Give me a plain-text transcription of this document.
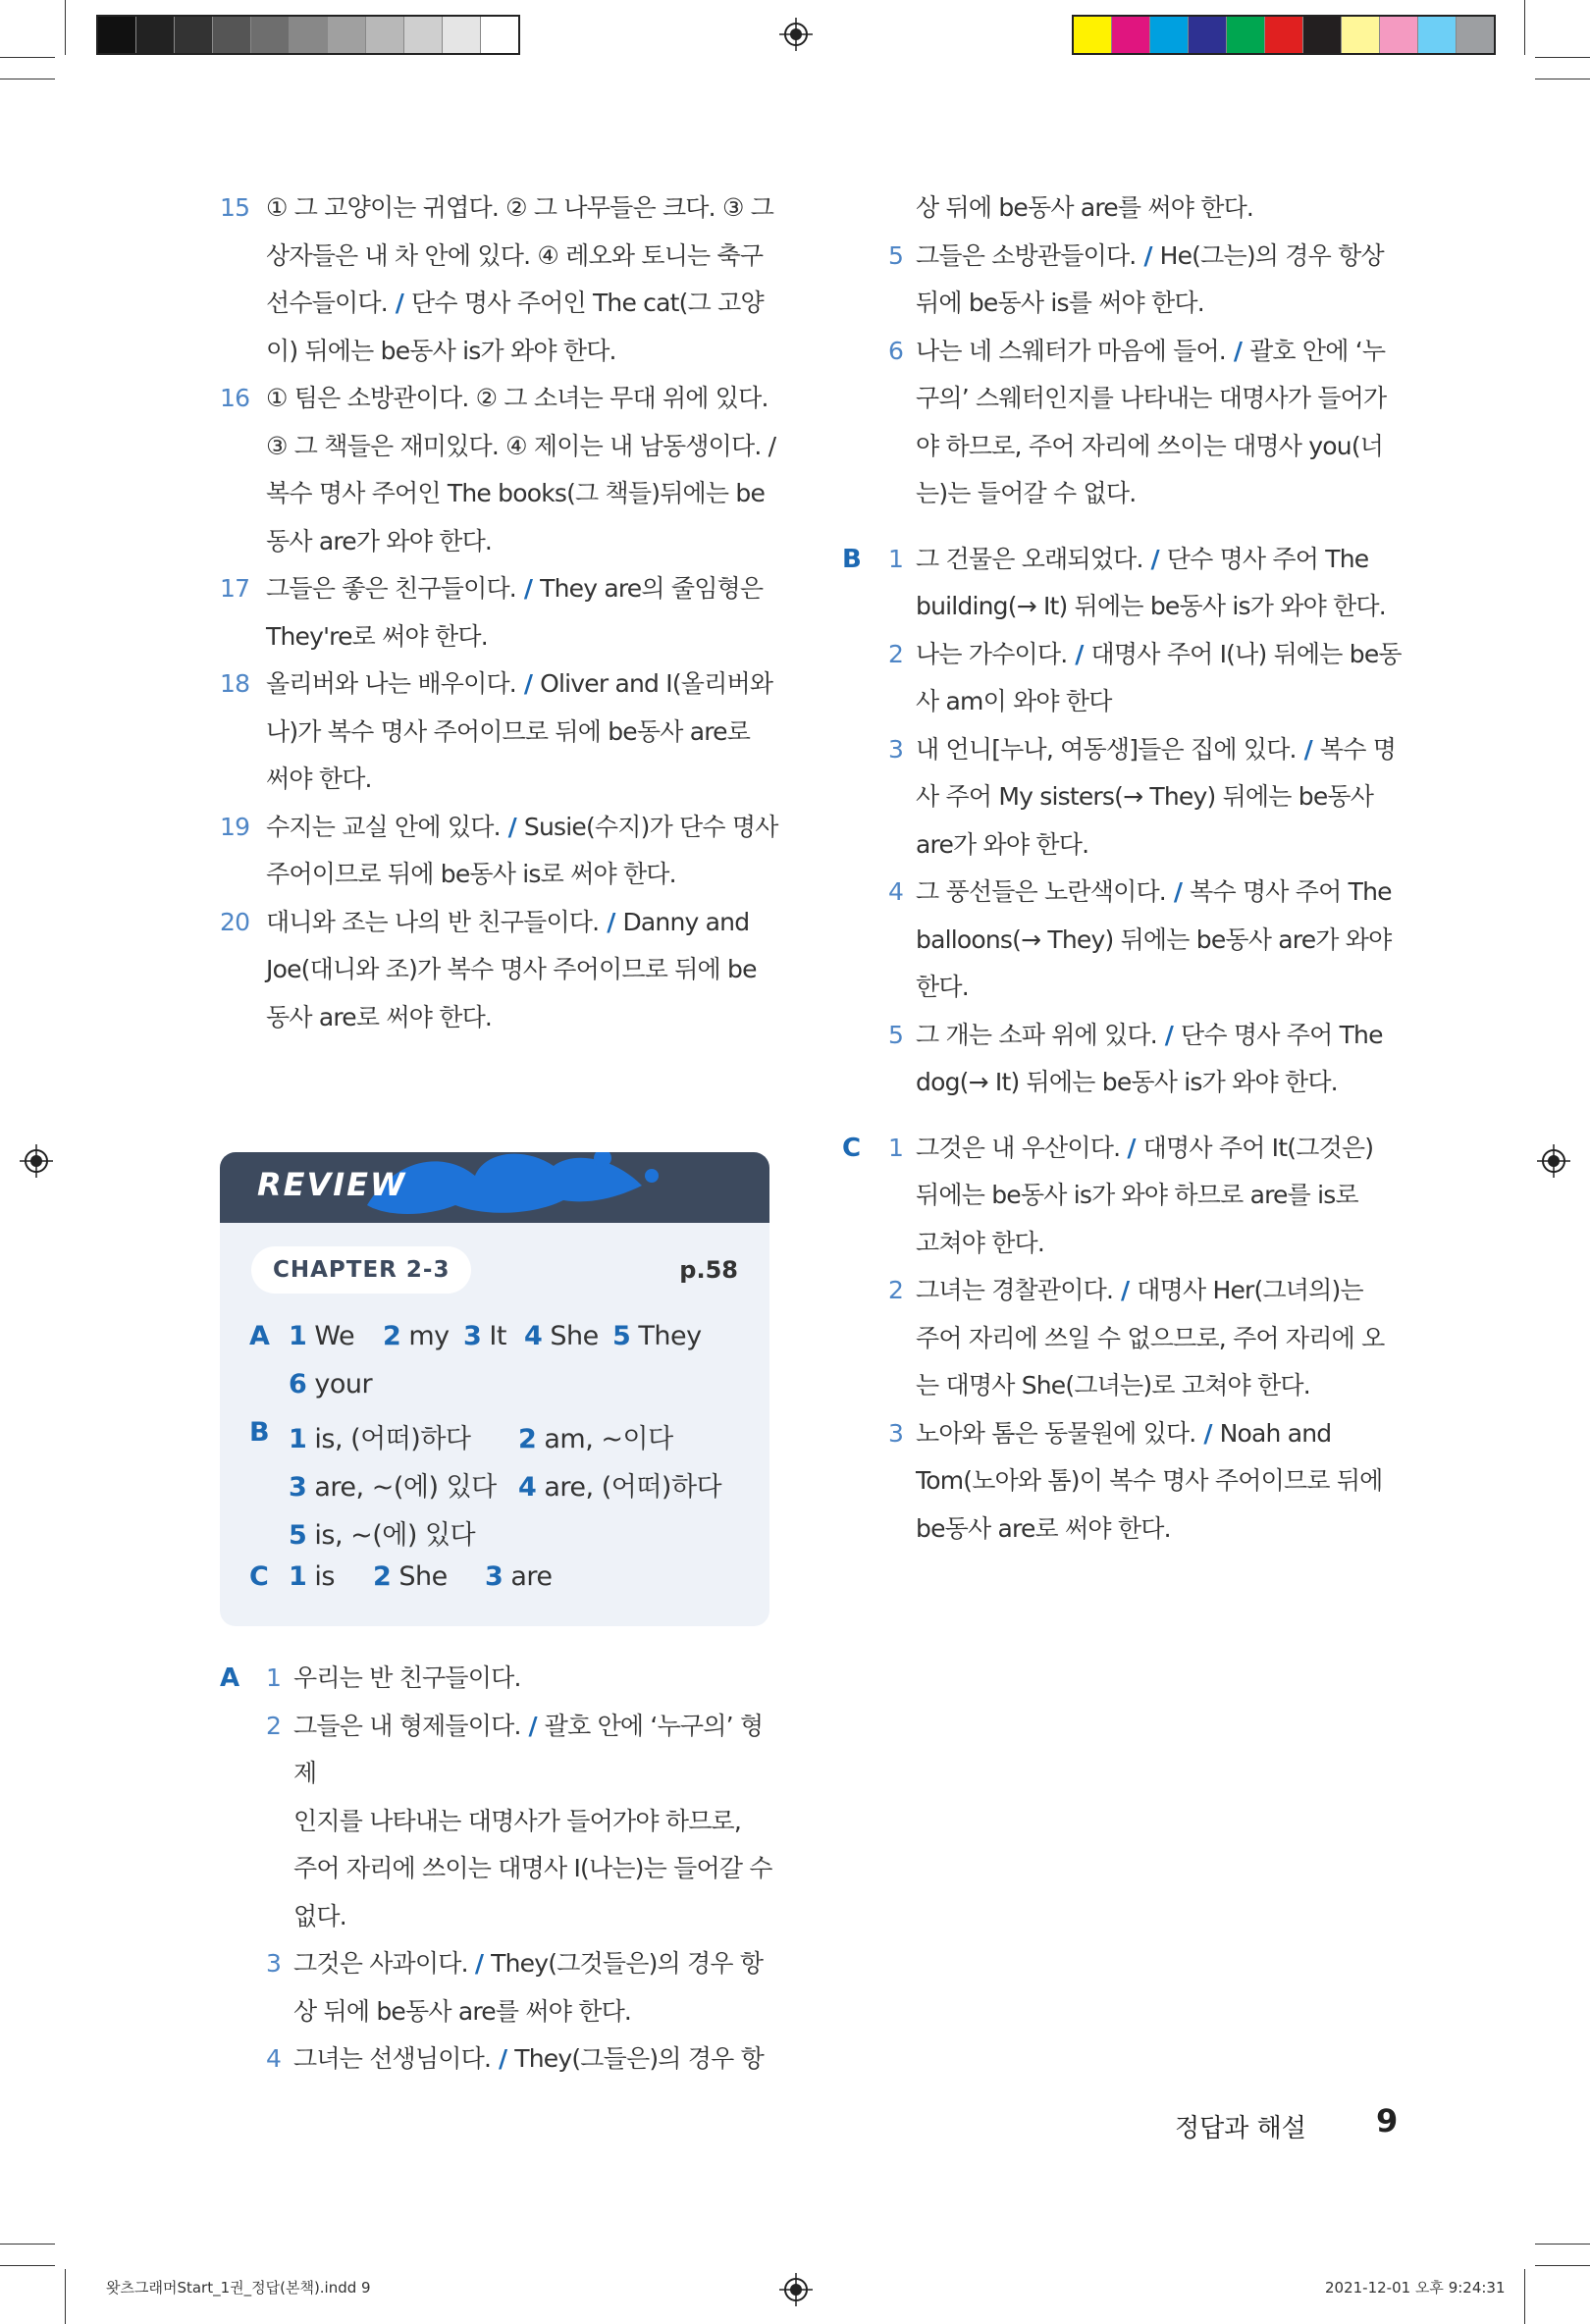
15 ① 그 고양이는 귀엽다. ② 그 나무들은 크다. ③ 그
상자들은 내 차 안에 있다. ④ 레오와 토니는 축구
선수들이다. / 단수 명사 주어인 The cat(그 고양
이) 뒤에는 be동사 is가 와야 한다.
16 ① 팀은 소방관이다. ② 그 소녀는 무대 위에 있다.
③ 그 책들은 재미있다. ④ 제이는 내 남동생이다. /
복수 명사 주어인 The books(그 책들)뒤에는 be
동사 are가 와야 한다.
17 그들은 좋은 친구들이다. / They are의 줄임형은
They're로 써야 한다.
18 올리버와 나는 배우이다. / Oliver and I(올리버와
나)가 복수 명사 주어이므로 뒤에 be동사 are로
써야 한다.
19 수지는 교실 안에 있다. / Susie(수지)가 단수 명사
주어이므로 뒤에 be동사 is로 써야 한다.
20 대니와 조는 나의 반 친구들이다. / Danny and
Joe(대니와 조)가 복수 명사 주어이므로 뒤에 be
동사 are로 써야 한다.
REVIEW
CHAPTER 2-3	p.58
A 1 We 2 my 3 It 4 She 5 They
6 your
B 1 is, (어떠)하다 2 am, ~이다
3 are, ~(에) 있다 4 are, (어떠)하다
5 is, ~(에) 있다
C 1 is 2 She 3 are
A 1 우리는 반 친구들이다.
2 그들은 내 형제들이다. / 괄호 안에 ‘누구의’ 형제
인지를 나타내는 대명사가 들어가야 하므로,
주어 자리에 쓰이는 대명사 I(나는)는 들어갈 수
없다.
3 그것은 사과이다. / They(그것들은)의 경우 항
상 뒤에 be동사 are를 써야 한다.
4 그녀는 선생님이다. / They(그들은)의 경우 항
상 뒤에 be동사 are를 써야 한다.
5 그들은 소방관들이다. / He(그는)의 경우 항상
뒤에 be동사 is를 써야 한다.
6 나는 네 스웨터가 마음에 들어. / 괄호 안에 ‘누
구의’ 스웨터인지를 나타내는 대명사가 들어가
야 하므로, 주어 자리에 쓰이는 대명사 you(너
는)는 들어갈 수 없다.
B 1 그 건물은 오래되었다. / 단수 명사 주어 The
building(→ It) 뒤에는 be동사 is가 와야 한다.
2 나는 가수이다. / 대명사 주어 I(나) 뒤에는 be동
사 am이 와야 한다
3 내 언니[누나, 여동생]들은 집에 있다. / 복수 명
사 주어 My sisters(→ They) 뒤에는 be동사
are가 와야 한다.
4 그 풍선들은 노란색이다. / 복수 명사 주어 The
balloons(→ They) 뒤에는 be동사 are가 와야
한다.
5 그 개는 소파 위에 있다. / 단수 명사 주어 The
dog(→ It) 뒤에는 be동사 is가 와야 한다.
C 1 그것은 내 우산이다. / 대명사 주어 It(그것은)
뒤에는 be동사 is가 와야 하므로 are를 is로
고쳐야 한다.
2 그녀는 경찰관이다. / 대명사 Her(그녀의)는
주어 자리에 쓰일 수 없으므로, 주어 자리에 오
는 대명사 She(그녀는)로 고쳐야 한다.
3 노아와 톰은 동물원에 있다. / Noah and
Tom(노아와 톰)이 복수 명사 주어이므로 뒤에
be동사 are로 써야 한다.
정답과 해설 9
왓츠그래머Start_1권_정답(본책).indd 9	2021-12-01 오후 9:24:31
